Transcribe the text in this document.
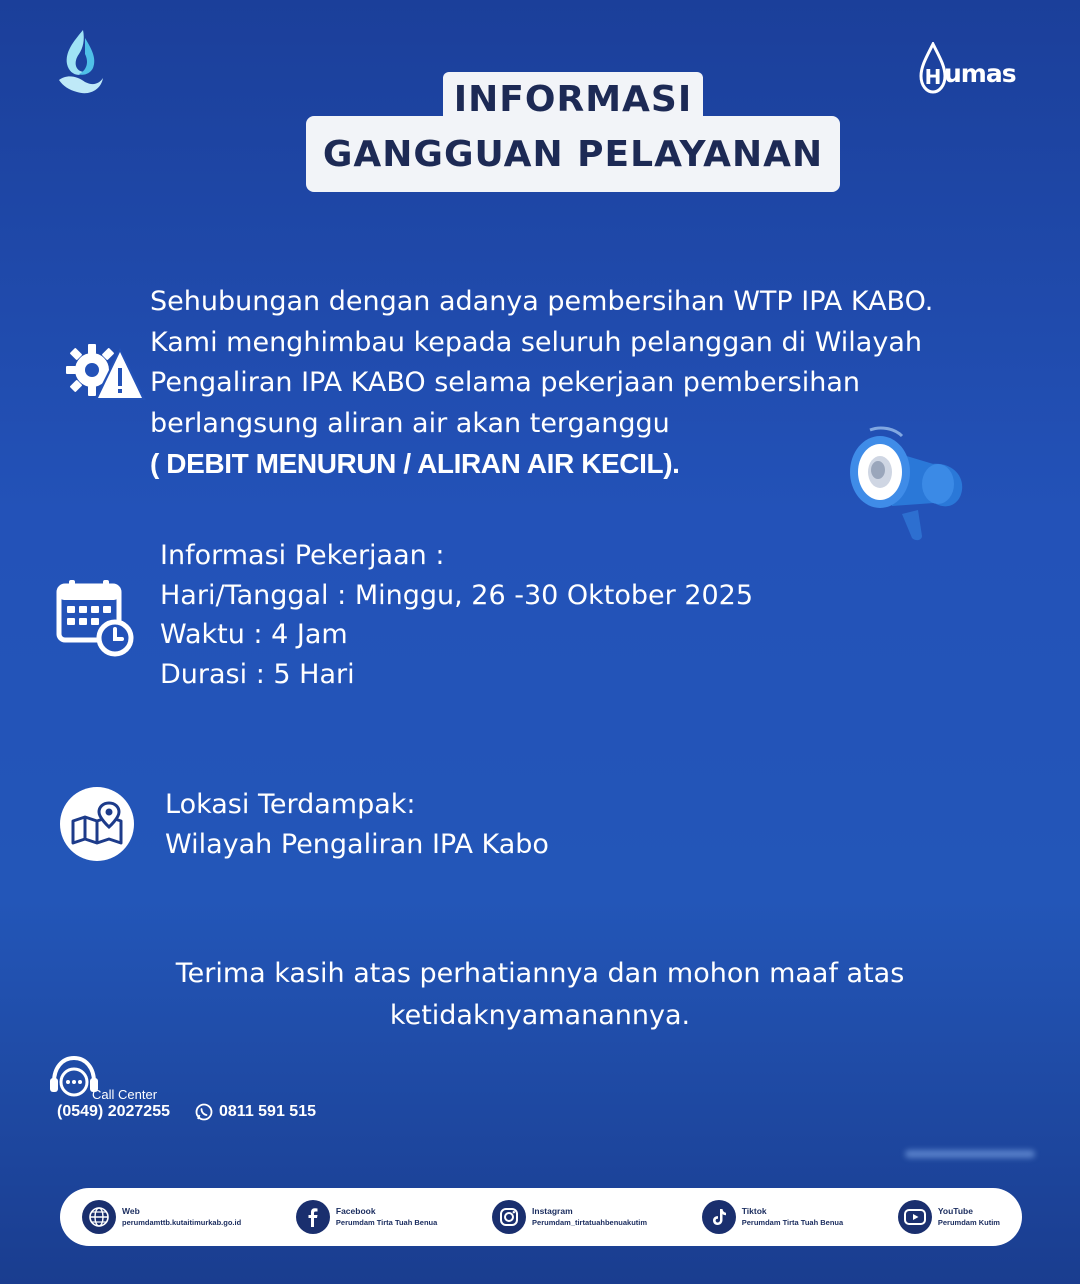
H umas
GANGGUAN PELAYANAN
INFORMASI
Sehubungan dengan adanya pembersihan WTP IPA KABO.
Kami menghimbau kepada seluruh pelanggan di Wilayah
Pengaliran IPA KABO selama pekerjaan pembersihan
berlangsung aliran air akan terganggu
( DEBIT MENURUN / ALIRAN AIR KECIL).
Informasi Pekerjaan :
Hari/Tanggal : Minggu, 26 -30 Oktober 2025
Waktu : 4 Jam
Durasi : 5 Hari
Lokasi Terdampak:
Wilayah Pengaliran IPA Kabo
Terima kasih atas perhatiannya dan mohon maaf atas
ketidaknyamanannya.
Call Center
(0549) 2027255	0811 591 515
Web
perumdamttb.kutaitimurkab.go.id
Facebook
Perumdam Tirta Tuah Benua
Instagram
Perumdam_tirtatuahbenuakutim
Tiktok
Perumdam Tirta Tuah Benua
YouTube
Perumdam Kutim
